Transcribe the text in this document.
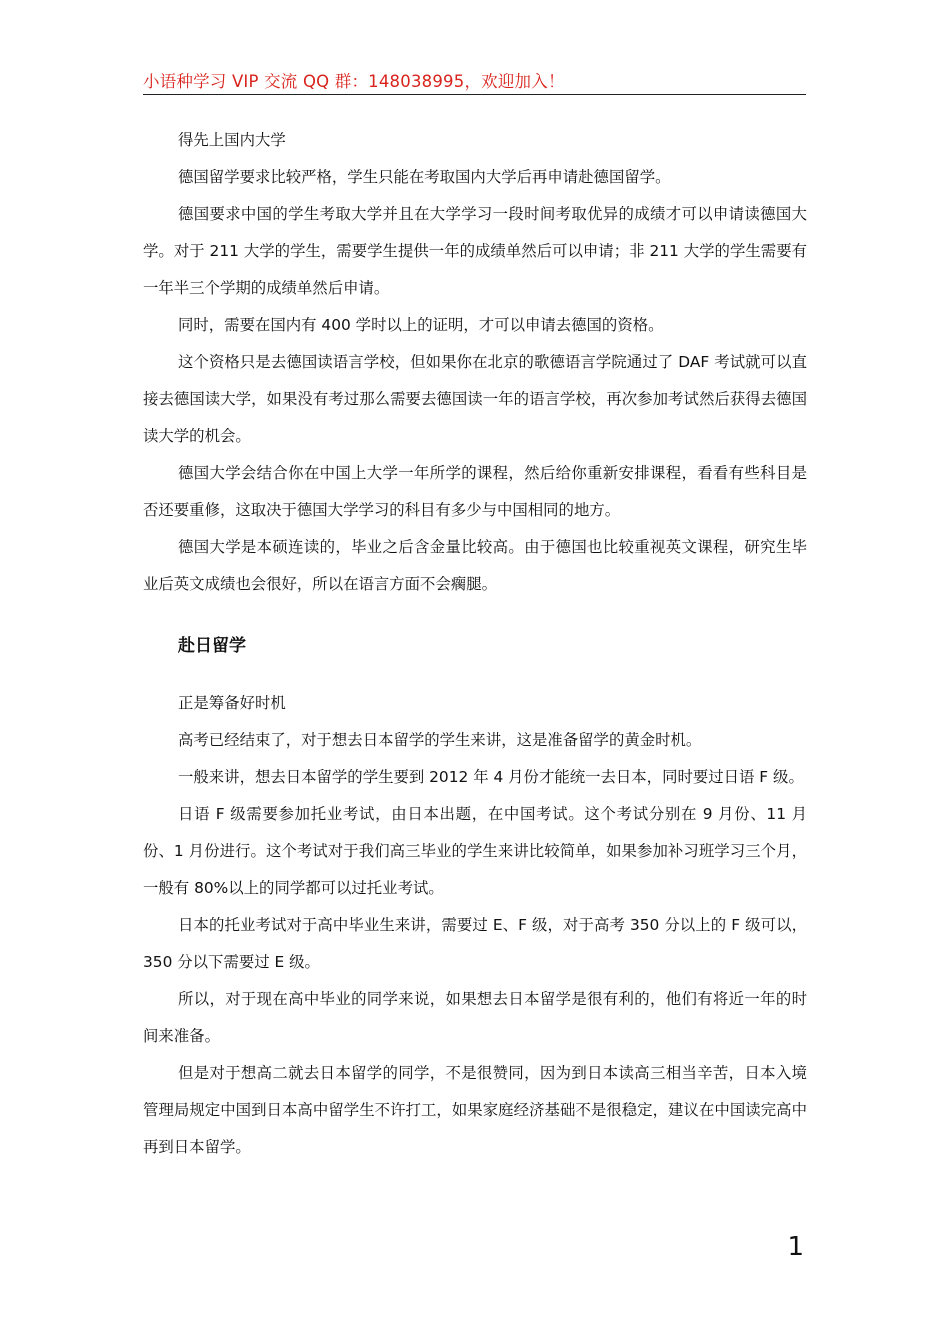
小语种学习 VIP 交流 QQ 群：148038995，欢迎加入！

得先上国内大学

德国留学要求比较严格，学生只能在考取国内大学后再申请赴德国留学。

德国要求中国的学生考取大学并且在大学学习一段时间考取优异的成绩才可以申请读德国大学。对于 211 大学的学生，需要学生提供一年的成绩单然后可以申请；非 211 大学的学生需要有一年半三个学期的成绩单然后申请。

同时，需要在国内有 400 学时以上的证明，才可以申请去德国的资格。

这个资格只是去德国读语言学校，但如果你在北京的歌德语言学院通过了 DAF 考试就可以直接去德国读大学，如果没有考过那么需要去德国读一年的语言学校，再次参加考试然后获得去德国读大学的机会。

德国大学会结合你在中国上大学一年所学的课程，然后给你重新安排课程，看看有些科目是否还要重修，这取决于德国大学学习的科目有多少与中国相同的地方。

德国大学是本硕连读的，毕业之后含金量比较高。由于德国也比较重视英文课程，研究生毕业后英文成绩也会很好，所以在语言方面不会瘸腿。

赴日留学

正是筹备好时机

高考已经结束了，对于想去日本留学的学生来讲，这是准备留学的黄金时机。

一般来讲，想去日本留学的学生要到 2012 年 4 月份才能统一去日本，同时要过日语 F 级。

日语 F 级需要参加托业考试，由日本出题，在中国考试。这个考试分别在 9 月份、11 月份、1 月份进行。这个考试对于我们高三毕业的学生来讲比较简单，如果参加补习班学习三个月，一般有 80%以上的同学都可以过托业考试。

日本的托业考试对于高中毕业生来讲，需要过 E、F 级，对于高考 350 分以上的 F 级可以，350 分以下需要过 E 级。

所以，对于现在高中毕业的同学来说，如果想去日本留学是很有利的，他们有将近一年的时间来准备。

但是对于想高二就去日本留学的同学，不是很赞同，因为到日本读高三相当辛苦，日本入境管理局规定中国到日本高中留学生不许打工，如果家庭经济基础不是很稳定，建议在中国读完高中再到日本留学。

1
